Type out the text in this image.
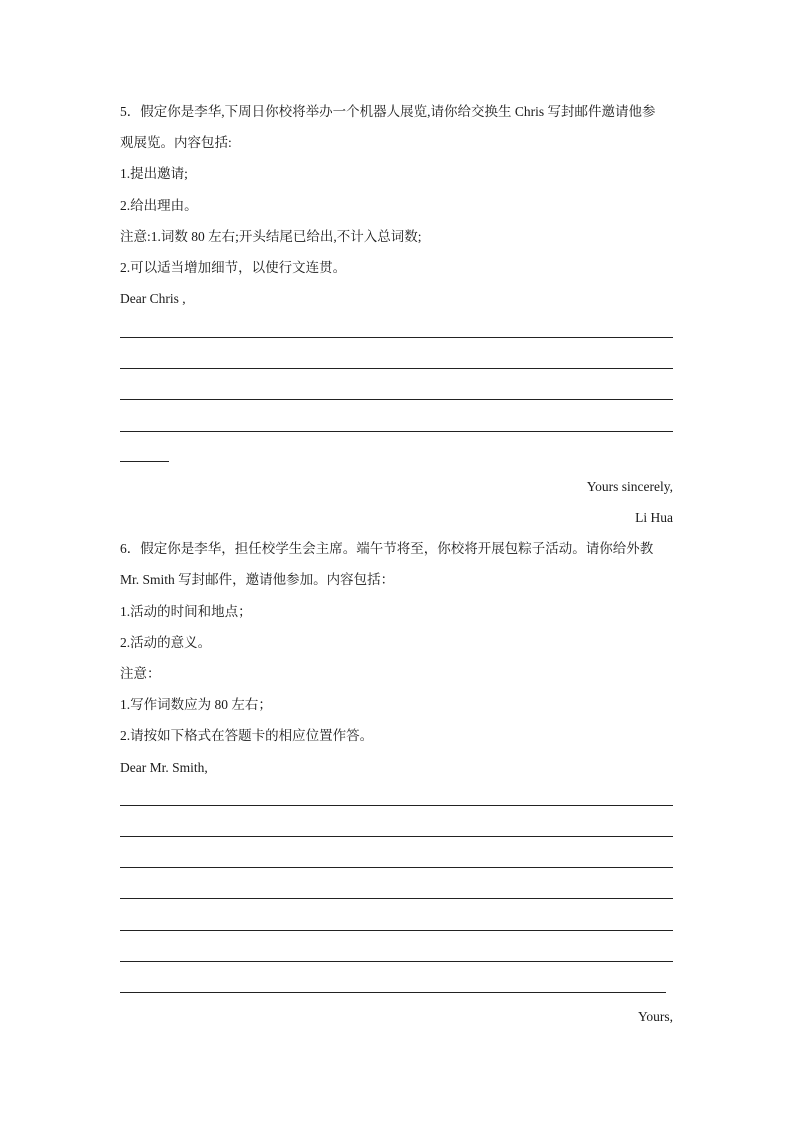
5．假定你是李华,下周日你校将举办一个机器人展览,请你给交换生 Chris 写封邮件邀请他参
观展览。内容包括:
1.提出邀请;
2.给出理由。
注意:1.词数 80 左右;开头结尾已给出,不计入总词数;
2.可以适当增加细节，以使行文连贯。
Dear Chris ,
Yours sincerely,
Li Hua
6．假定你是李华，担任校学生会主席。端午节将至，你校将开展包粽子活动。请你给外教
Mr. Smith 写封邮件，邀请他参加。内容包括：
1.活动的时间和地点；
2.活动的意义。
注意：
1.写作词数应为 80 左右；
2.请按如下格式在答题卡的相应位置作答。
Dear Mr. Smith,
Yours,
